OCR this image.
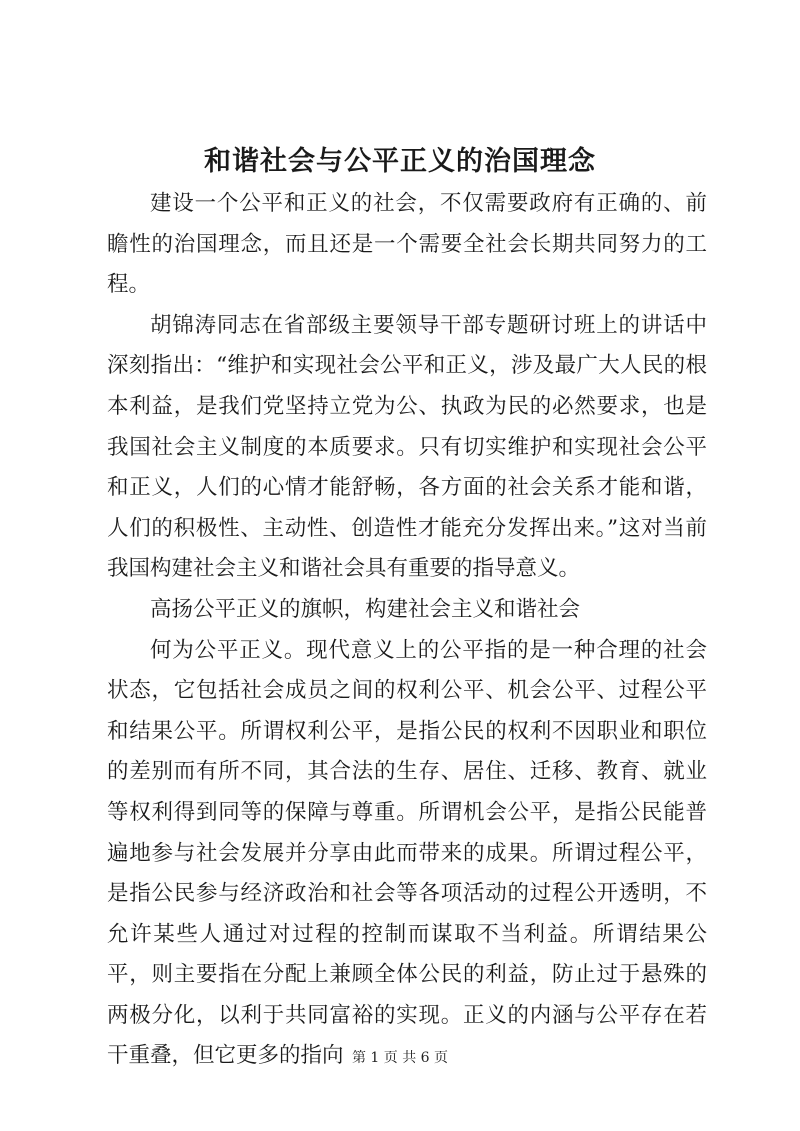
和谐社会与公平正义的治国理念

建设一个公平和正义的社会，不仅需要政府有正确的、前瞻性的治国理念，而且还是一个需要全社会长期共同努力的工程。

胡锦涛同志在省部级主要领导干部专题研讨班上的讲话中深刻指出：“维护和实现社会公平和正义，涉及最广大人民的根本利益，是我们党坚持立党为公、执政为民的必然要求，也是我国社会主义制度的本质要求。只有切实维护和实现社会公平和正义，人们的心情才能舒畅，各方面的社会关系才能和谐，人们的积极性、主动性、创造性才能充分发挥出来。”这对当前我国构建社会主义和谐社会具有重要的指导意义。

高扬公平正义的旗帜，构建社会主义和谐社会

何为公平正义。现代意义上的公平指的是一种合理的社会状态，它包括社会成员之间的权利公平、机会公平、过程公平和结果公平。所谓权利公平，是指公民的权利不因职业和职位的差别而有所不同，其合法的生存、居住、迁移、教育、就业等权利得到同等的保障与尊重。所谓机会公平，是指公民能普遍地参与社会发展并分享由此而带来的成果。所谓过程公平，是指公民参与经济政治和社会等各项活动的过程公开透明，不允许某些人通过对过程的控制而谋取不当利益。所谓结果公平，则主要指在分配上兼顾全体公民的利益，防止过于悬殊的两极分化，以利于共同富裕的实现。正义的内涵与公平存在若干重叠，但它更多的指向 第 1 页 共 6 页
